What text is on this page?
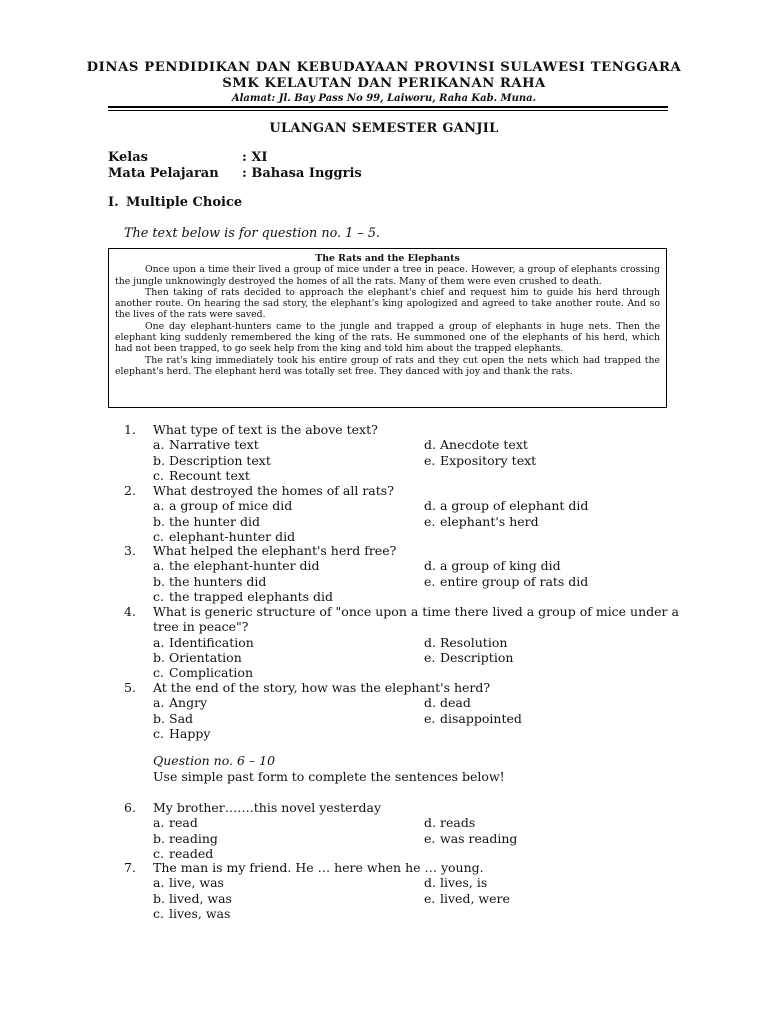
DINAS PENDIDIKAN DAN KEBUDAYAAN PROVINSI SULAWESI TENGGARA
SMK KELAUTAN DAN PERIKANAN RAHA
Alamat: Jl. Bay Pass No 99, Laiworu, Raha Kab. Muna.
ULANGAN SEMESTER GANJIL
Kelas	: XI
Mata Pelajaran : Bahasa Inggris
I. Multiple Choice
The text below is for question no. 1 – 5.
The Rats and the Elephants

Once upon a time their lived a group of mice under a tree in peace. However, a group of elephants crossing the jungle unknowingly destroyed the homes of all the rats. Many of them were even crushed to death.

Then taking of rats decided to approach the elephant's chief and request him to guide his herd through another route. On hearing the sad story, the elephant's king apologized and agreed to take another route. And so the lives of the rats were saved.

One day elephant-hunters came to the jungle and trapped a group of elephants in huge nets. Then the elephant king suddenly remembered the king of the rats. He summoned one of the elephants of his herd, which had not been trapped, to go seek help from the king and told him about the trapped elephants.

The rat's king immediately took his entire group of rats and they cut open the nets which had trapped the elephant's herd. The elephant herd was totally set free. They danced with joy and thank the rats.

1. What type of text is the above text?
a. Narrative text
b. Description text
c. Recount text
d. Anecdote text
e. Expository text
2. What destroyed the homes of all rats?
a. a group of mice did
b. the hunter did
c. elephant-hunter did
d. a group of elephant did
e. elephant's herd
3. What helped the elephant's herd free?
a. the elephant-hunter did
b. the hunters did
c. the trapped elephants did
d. a group of king did
e. entire group of rats did
4. What is generic structure of "once upon a time there lived a group of mice under a tree in peace"?
a. Identification
b. Orientation
c. Complication
d. Resolution
e. Description
5. At the end of the story, how was the elephant's herd?
a. Angry
b. Sad
c. Happy
d. dead
e. disappointed
Question no. 6 – 10
Use simple past form to complete the sentences below!
6. My brother…….this novel yesterday
a. read
b. reading
c. readed
d. reads
e. was reading
7. The man is my friend. He … here when he … young.
a. live, was
b. lived, was
c. lives, was
d. lives, is
e. lived, were
